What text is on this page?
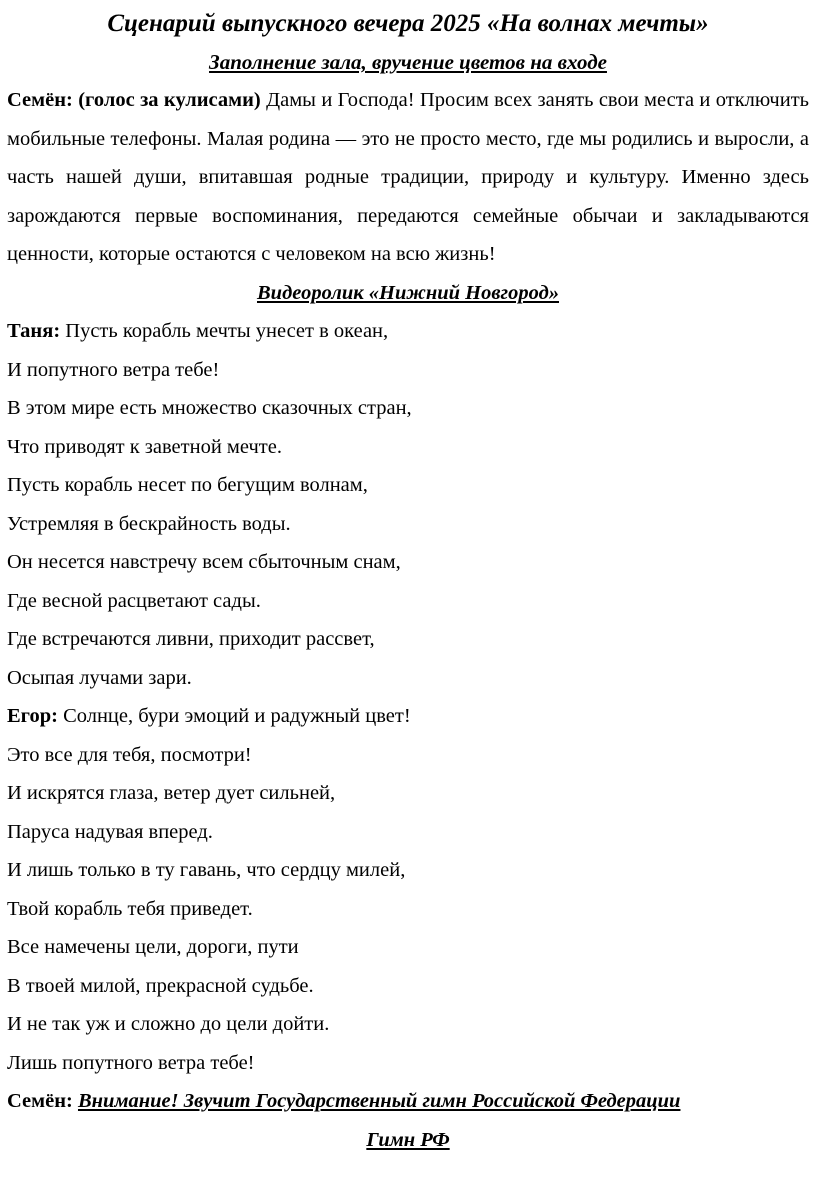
Сценарий выпускного вечера 2025 «На волнах мечты»
Заполнение зала, вручение цветов на входе

Семён: (голос за кулисами) Дамы и Господа! Просим всех занять свои места и отключить мобильные телефоны. Малая родина — это не просто место, где мы родились и выросли, а часть нашей души, впитавшая родные традиции, природу и культуру. Именно здесь зарождаются первые воспоминания, передаются семейные обычаи и закладываются ценности, которые остаются с человеком на всю жизнь!

Видеоролик «Нижний Новгород»

Таня: Пусть корабль мечты унесет в океан,

И попутного ветра тебе!

В этом мире есть множество сказочных стран,

Что приводят к заветной мечте.

Пусть корабль несет по бегущим волнам,

Устремляя в бескрайность воды.

Он несется навстречу всем сбыточным снам,

Где весной расцветают сады.

Где встречаются ливни, приходит рассвет,

Осыпая лучами зари.

Егор: Солнце, бури эмоций и радужный цвет!

Это все для тебя, посмотри!

И искрятся глаза, ветер дует сильней,

Паруса надувая вперед.

И лишь только в ту гавань, что сердцу милей,

Твой корабль тебя приведет.

Все намечены цели, дороги, пути

В твоей милой, прекрасной судьбе.

И не так уж и сложно до цели дойти.

Лишь попутного ветра тебе!

Семён: Внимание! Звучит Государственный гимн Российской Федерации

Гимн РФ
